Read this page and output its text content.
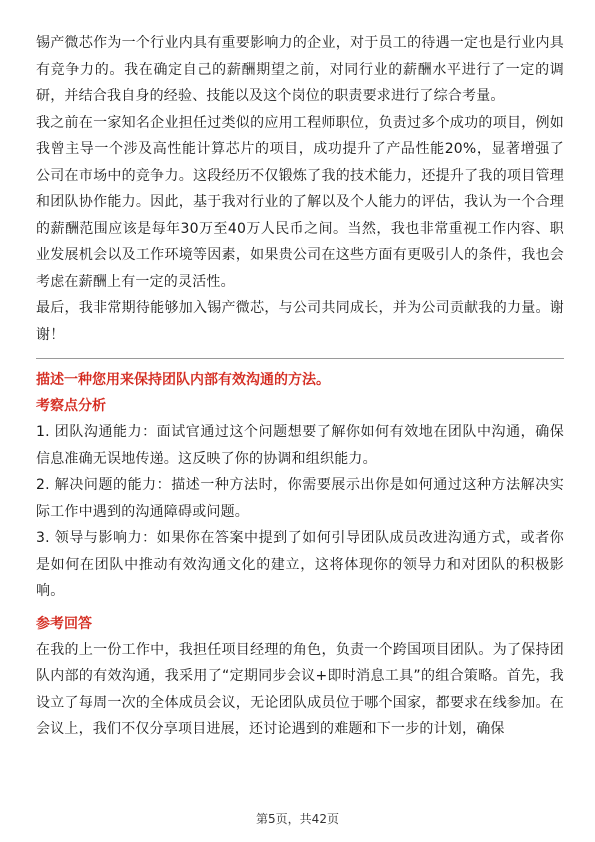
锡产微芯作为一个行业内具有重要影响力的企业，对于员工的待遇一定也是行业内具有竞争力的。我在确定自己的薪酬期望之前，对同行业的薪酬水平进行了一定的调研，并结合我自身的经验、技能以及这个岗位的职责要求进行了综合考量。

我之前在一家知名企业担任过类似的应用工程师职位，负责过多个成功的项目，例如我曾主导一个涉及高性能计算芯片的项目，成功提升了产品性能20%，显著增强了公司在市场中的竞争力。这段经历不仅锻炼了我的技术能力，还提升了我的项目管理和团队协作能力。因此，基于我对行业的了解以及个人能力的评估，我认为一个合理的薪酬范围应该是每年30万至40万人民币之间。当然，我也非常重视工作内容、职业发展机会以及工作环境等因素，如果贵公司在这些方面有更吸引人的条件，我也会考虑在薪酬上有一定的灵活性。

最后，我非常期待能够加入锡产微芯，与公司共同成长，并为公司贡献我的力量。谢谢！

描述一种您用来保持团队内部有效沟通的方法。

考察点分析

1. 团队沟通能力：面试官通过这个问题想要了解你如何有效地在团队中沟通，确保信息准确无误地传递。这反映了你的协调和组织能力。

2. 解决问题的能力：描述一种方法时，你需要展示出你是如何通过这种方法解决实际工作中遇到的沟通障碍或问题。

3. 领导与影响力：如果你在答案中提到了如何引导团队成员改进沟通方式，或者你是如何在团队中推动有效沟通文化的建立，这将体现你的领导力和对团队的积极影响。

参考回答

在我的上一份工作中，我担任项目经理的角色，负责一个跨国项目团队。为了保持团队内部的有效沟通，我采用了“定期同步会议+即时消息工具”的组合策略。首先，我设立了每周一次的全体成员会议，无论团队成员位于哪个国家，都要求在线参加。在会议上，我们不仅分享项目进展，还讨论遇到的难题和下一步的计划，确保

第5页，共42页
